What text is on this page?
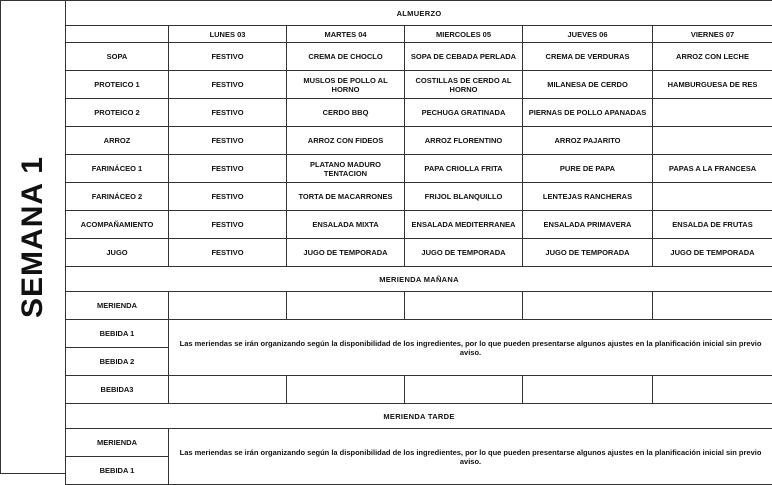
SEMANA 1
ALMUERZO					
	LUNES 03	MARTES 04	MIERCOLES 05	JUEVES 06	VIERNES 07
SOPA	FESTIVO	CREMA DE CHOCLO	SOPA DE CEBADA PERLADA	CREMA DE VERDURAS	ARROZ CON LECHE
PROTEICO 1	FESTIVO	MUSLOS DE POLLO AL HORNO	COSTILLAS DE CERDO AL HORNO	MILANESA DE CERDO	HAMBURGUESA DE RES
PROTEICO 2	FESTIVO	CERDO BBQ	PECHUGA GRATINADA	PIERNAS DE POLLO APANADAS	
ARROZ	FESTIVO	ARROZ CON FIDEOS	ARROZ FLORENTINO	ARROZ PAJARITO	
FARINÁCEO 1	FESTIVO	PLATANO MADURO TENTACION	PAPA CRIOLLA FRITA	PURE DE PAPA	PAPAS A LA FRANCESA
FARINÁCEO 2	FESTIVO	TORTA DE MACARRONES	FRIJOL BLANQUILLO	LENTEJAS RANCHERAS	
ACOMPAÑAMIENTO	FESTIVO	ENSALADA MIXTA	ENSALADA MEDITERRANEA	ENSALADA PRIMAVERA	ENSALDA DE FRUTAS
JUGO	FESTIVO	JUGO DE TEMPORADA	JUGO DE TEMPORADA	JUGO DE TEMPORADA	JUGO DE TEMPORADA
MERIENDA MAÑANA					
MERIENDA					
BEBIDA 1	Las meriendas se irán organizando según la disponibilidad de los ingredientes, por lo que pueden presentarse algunos ajustes en la planificación inicial sin previo aviso.				
BEBIDA 2					
BEBIDA3					
MERIENDA TARDE					
MERIENDA	Las meriendas se irán organizando según la disponibilidad de los ingredientes, por lo que pueden presentarse algunos ajustes en la planificación inicial sin previo aviso.				
BEBIDA 1					
